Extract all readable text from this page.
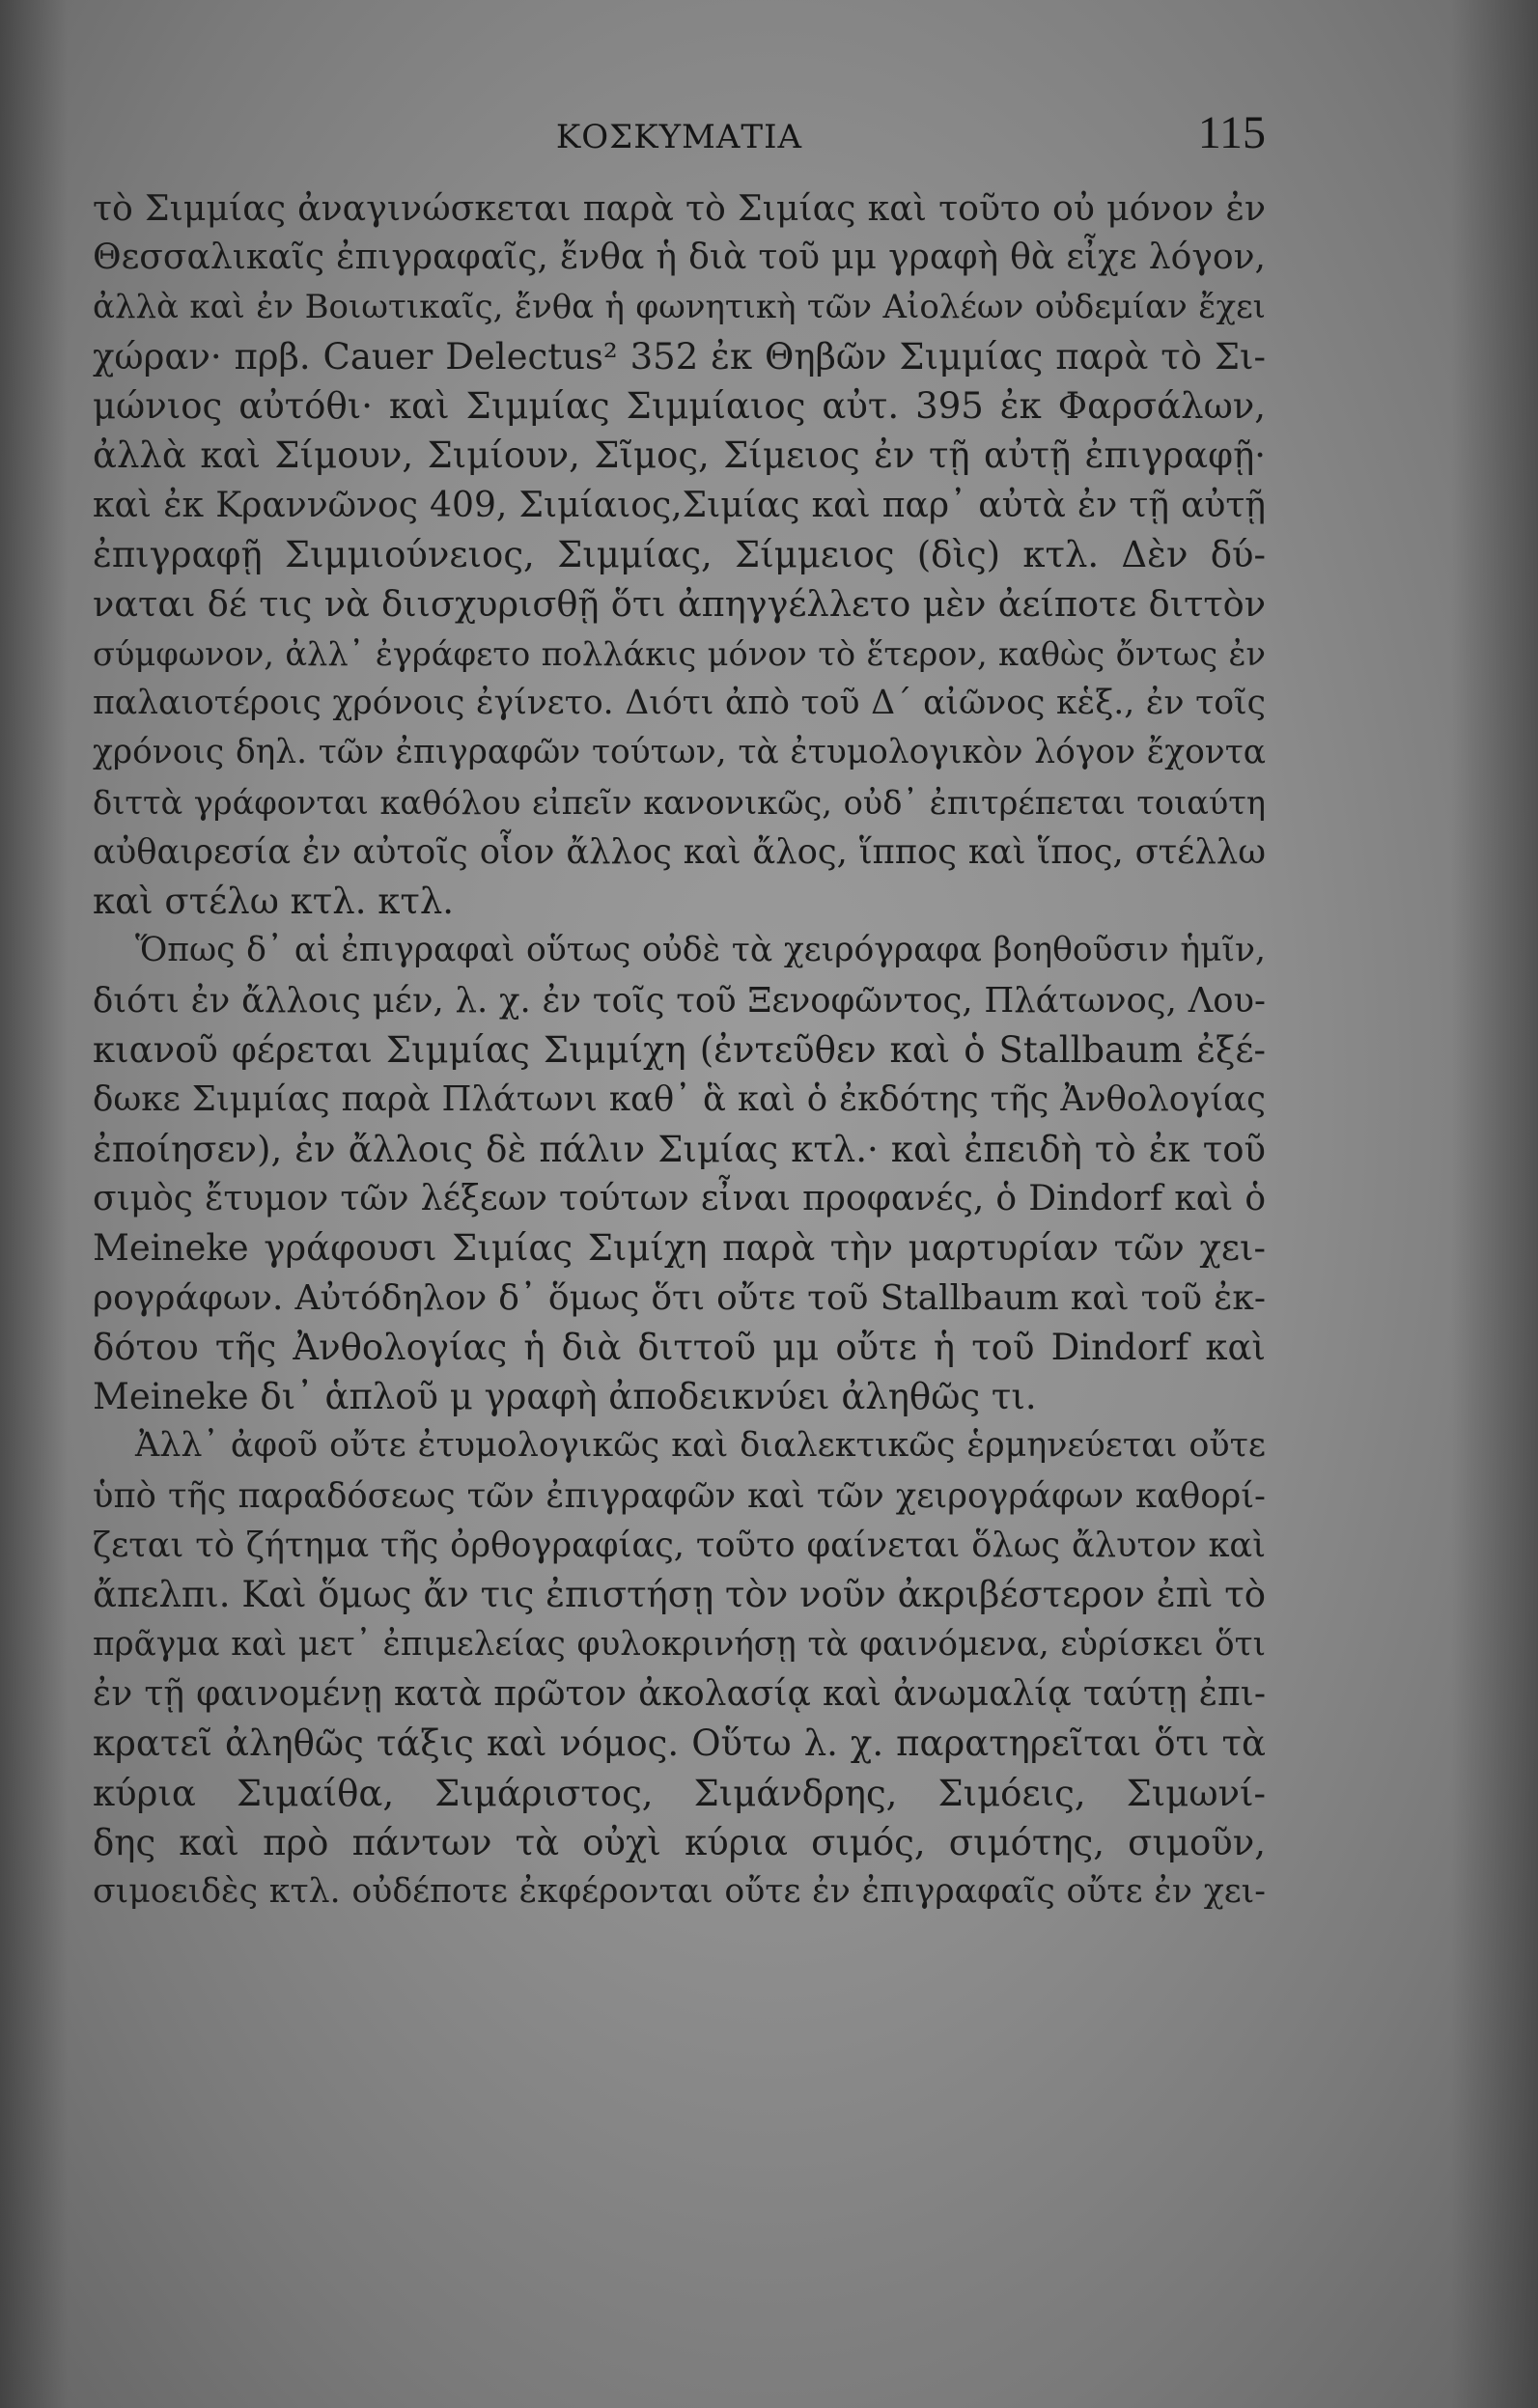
ΚΟΣΚΥΜΑΤΙΑ	115
τὸ Σιμμίας ἀναγινώσκεται παρὰ τὸ Σιμίας καὶ τοῦτο οὐ μόνον ἐν
Θεσσαλικαῖς ἐπιγραφαῖς, ἔνθα ἡ διὰ τοῦ μμ γραφὴ θὰ εἶχε λόγον,
ἀλλὰ καὶ ἐν Βοιωτικαῖς, ἔνθα ἡ φωνητικὴ τῶν Αἰολέων οὐδεμίαν ἔχει
χώραν· πρβ. Cauer Delectus² 352 ἐκ Θηβῶν Σιμμίας παρὰ τὸ Σι-
μώνιος αὐτόθι· καὶ Σιμμίας Σιμμίαιος αὐτ. 395 ἐκ Φαρσάλων,
ἀλλὰ καὶ Σίμουν, Σιμίουν, Σῖμος, Σίμειος ἐν τῇ αὐτῇ ἐπιγραφῇ·
καὶ ἐκ Κραννῶνος 409, Σιμίαιος,Σιμίας καὶ παρ᾽ αὐτὰ ἐν τῇ αὐτῇ
ἐπιγραφῇ Σιμμιούνειος, Σιμμίας, Σίμμειος (δὶς) κτλ. Δὲν δύ-
ναται δέ τις νὰ διισχυρισθῇ ὅτι ἀπηγγέλλετο μὲν ἀείποτε διττὸν
σύμφωνον, ἀλλ᾽ ἐγράφετο πολλάκις μόνον τὸ ἕτερον, καθὼς ὄντως ἐν
παλαιοτέροις χρόνοις ἐγίνετο. Διότι ἀπὸ τοῦ Δ΄ αἰῶνος κἑξ., ἐν τοῖς
χρόνοις δηλ. τῶν ἐπιγραφῶν τούτων, τὰ ἐτυμολογικὸν λόγον ἔχοντα
διττὰ γράφονται καθόλου εἰπεῖν κανονικῶς, οὐδ᾽ ἐπιτρέπεται τοιαύτη
αὐθαιρεσία ἐν αὐτοῖς οἷον ἄλλος καὶ ἄλος, ἵππος καὶ ἵπος, στέλλω
καὶ στέλω κτλ. κτλ.
Ὅπως δ᾽ αἱ ἐπιγραφαὶ οὕτως οὐδὲ τὰ χειρόγραφα βοηθοῦσιν ἡμῖν,
διότι ἐν ἄλλοις μέν, λ. χ. ἐν τοῖς τοῦ Ξενοφῶντος, Πλάτωνος, Λου-
κιανοῦ φέρεται Σιμμίας Σιμμίχη (ἐντεῦθεν καὶ ὁ Stallbaum ἐξέ-
δωκε Σιμμίας παρὰ Πλάτωνι καθ᾽ ἃ καὶ ὁ ἐκδότης τῆς Ἀνθολογίας
ἐποίησεν), ἐν ἄλλοις δὲ πάλιν Σιμίας κτλ.· καὶ ἐπειδὴ τὸ ἐκ τοῦ
σιμὸς ἔτυμον τῶν λέξεων τούτων εἶναι προφανές, ὁ Dindorf καὶ ὁ
Meineke γράφουσι Σιμίας Σιμίχη παρὰ τὴν μαρτυρίαν τῶν χει-
ρογράφων. Αὐτόδηλον δ᾽ ὅμως ὅτι οὔτε τοῦ Stallbaum καὶ τοῦ ἐκ-
δότου τῆς Ἀνθολογίας ἡ διὰ διττοῦ μμ οὔτε ἡ τοῦ Dindorf καὶ
Meineke δι᾽ ἁπλοῦ μ γραφὴ ἀποδεικνύει ἀληθῶς τι.
Ἀλλ᾽ ἀφοῦ οὔτε ἐτυμολογικῶς καὶ διαλεκτικῶς ἑρμηνεύεται οὔτε
ὑπὸ τῆς παραδόσεως τῶν ἐπιγραφῶν καὶ τῶν χειρογράφων καθορί-
ζεται τὸ ζήτημα τῆς ὀρθογραφίας, τοῦτο φαίνεται ὅλως ἄλυτον καὶ
ἄπελπι. Καὶ ὅμως ἄν τις ἐπιστήσῃ τὸν νοῦν ἀκριβέστερον ἐπὶ τὸ
πρᾶγμα καὶ μετ᾽ ἐπιμελείας φυλοκρινήσῃ τὰ φαινόμενα, εὑρίσκει ὅτι
ἐν τῇ φαινομένῃ κατὰ πρῶτον ἀκολασίᾳ καὶ ἀνωμαλίᾳ ταύτῃ ἐπι-
κρατεῖ ἀληθῶς τάξις καὶ νόμος. Οὕτω λ. χ. παρατηρεῖται ὅτι τὰ
κύρια Σιμαίθα, Σιμάριστος, Σιμάνδρης, Σιμόεις, Σιμωνί-
δης καὶ πρὸ πάντων τὰ οὐχὶ κύρια σιμός, σιμότης, σιμοῦν,
σιμοειδὲς κτλ. οὐδέποτε ἐκφέρονται οὔτε ἐν ἐπιγραφαῖς οὔτε ἐν χει-
